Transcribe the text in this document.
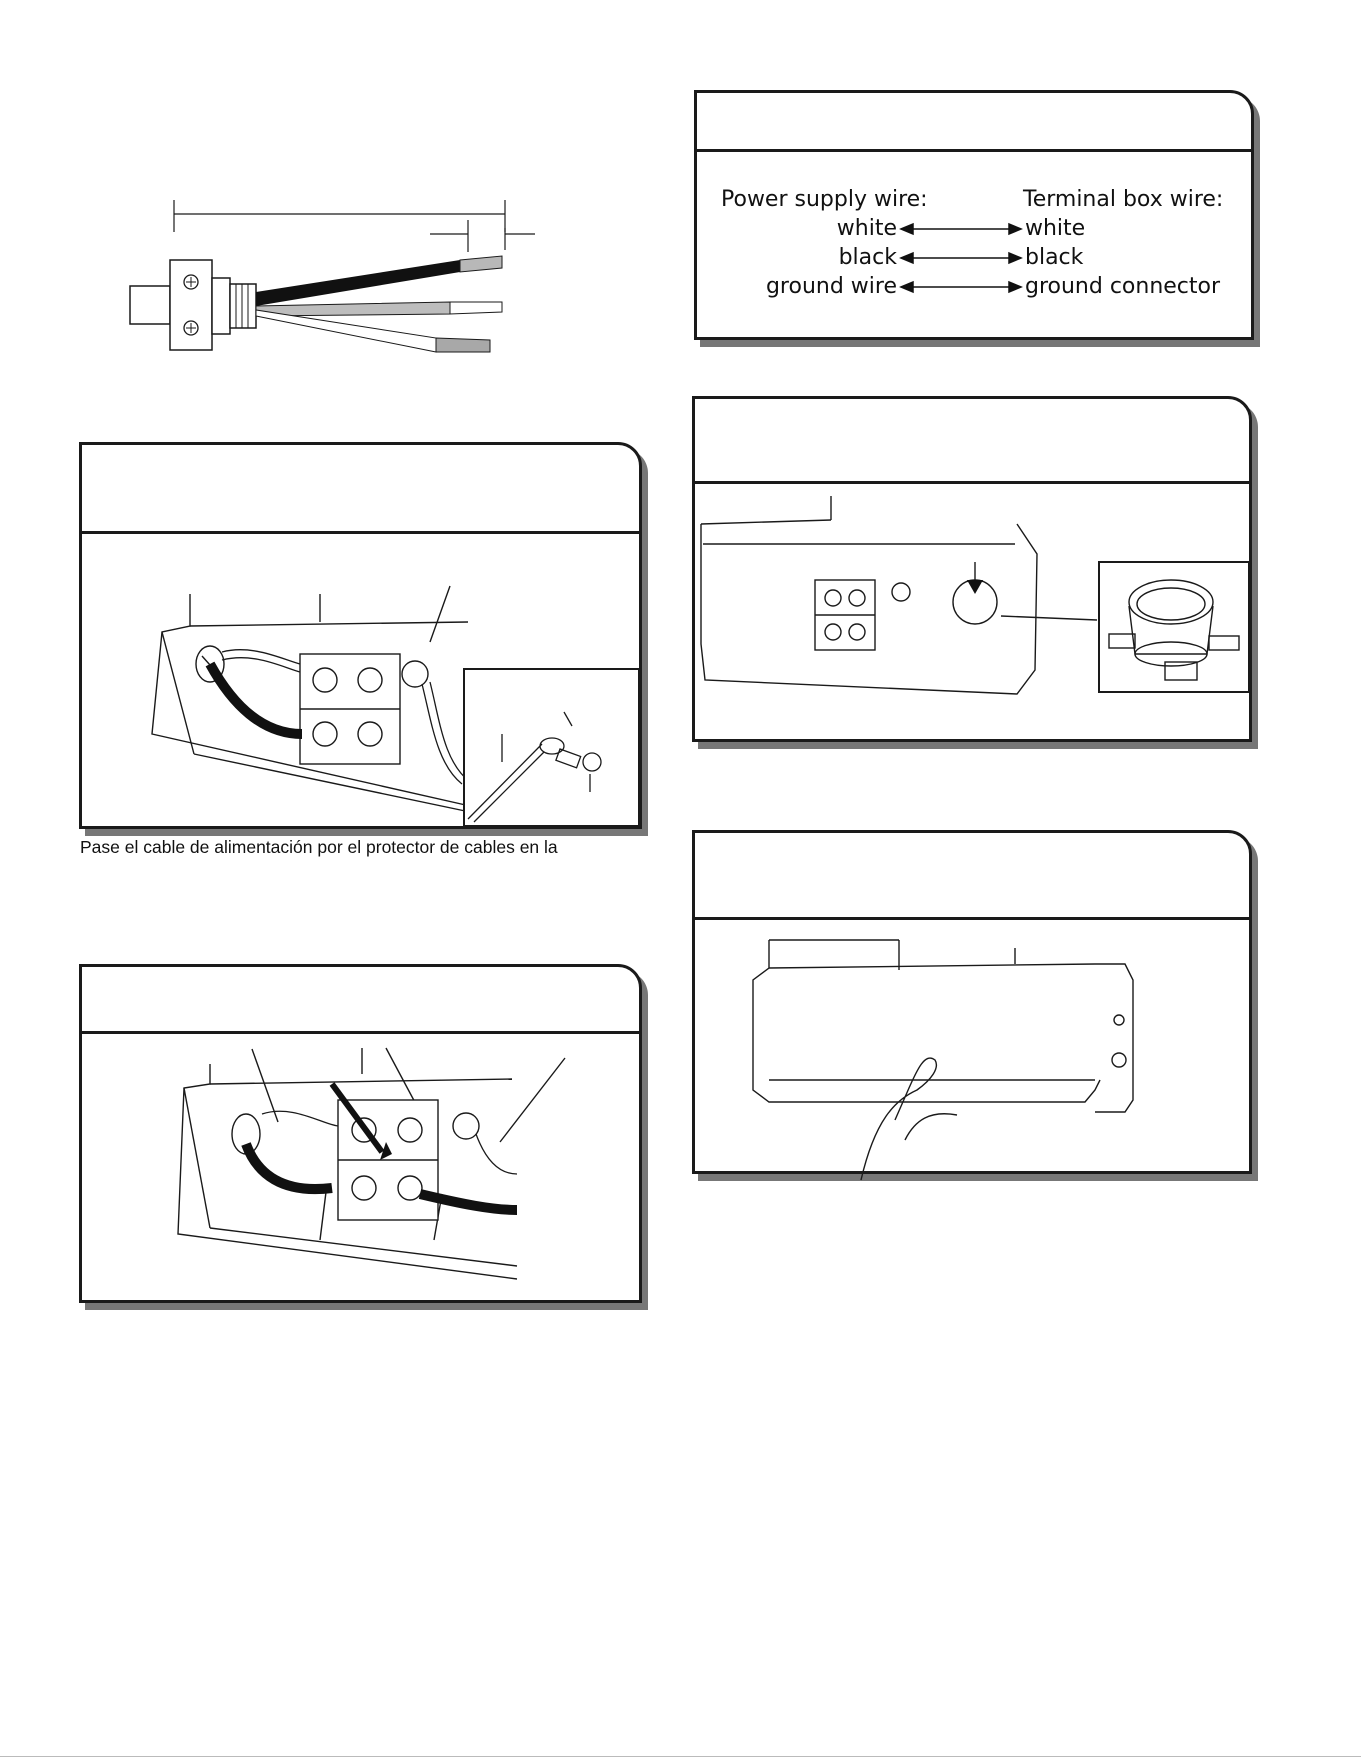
Power supply wire:	Terminal box wire:
white	white
black	black
ground wire	ground connector
Pase el cable de alimentación por el protector de cables en la
